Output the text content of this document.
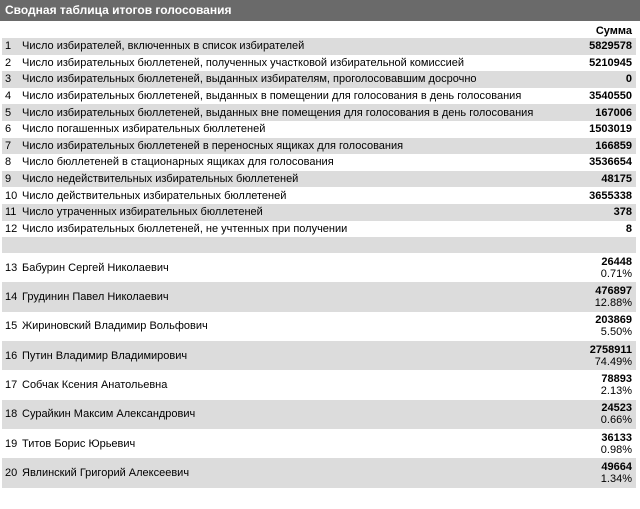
Сводная таблица итогов голосования
		Сумма
1	Число избирателей, включенных в список избирателей	5829578
2	Число избирательных бюллетеней, полученных участковой избирательной комиссией	5210945
3	Число избирательных бюллетеней, выданных избирателям, проголосовавшим досрочно	0
4	Число избирательных бюллетеней, выданных в помещении для голосования в день голосования	3540550
5	Число избирательных бюллетеней, выданных вне помещения для голосования в день голосования	167006
6	Число погашенных избирательных бюллетеней	1503019
7	Число избирательных бюллетеней в переносных ящиках для голосования	166859
8	Число бюллетеней в стационарных ящиках для голосования	3536654
9	Число недействительных избирательных бюллетеней	48175
10	Число действительных избирательных бюллетеней	3655338
11	Число утраченных избирательных бюллетеней	378
12	Число избирательных бюллетеней, не учтенных при получении	8

13	Бабурин Сергей Николаевич	26448
0.71%

14	Грудинин Павел Николаевич	476897
12.88%

15	Жириновский Владимир Вольфович	203869
5.50%

16	Путин Владимир Владимирович	2758911
74.49%

17	Собчак Ксения Анатольевна	78893
2.13%

18	Сурайкин Максим Александрович	24523
0.66%

19	Титов Борис Юрьевич	36133
0.98%

20	Явлинский Григорий Алексеевич	49664
1.34%
